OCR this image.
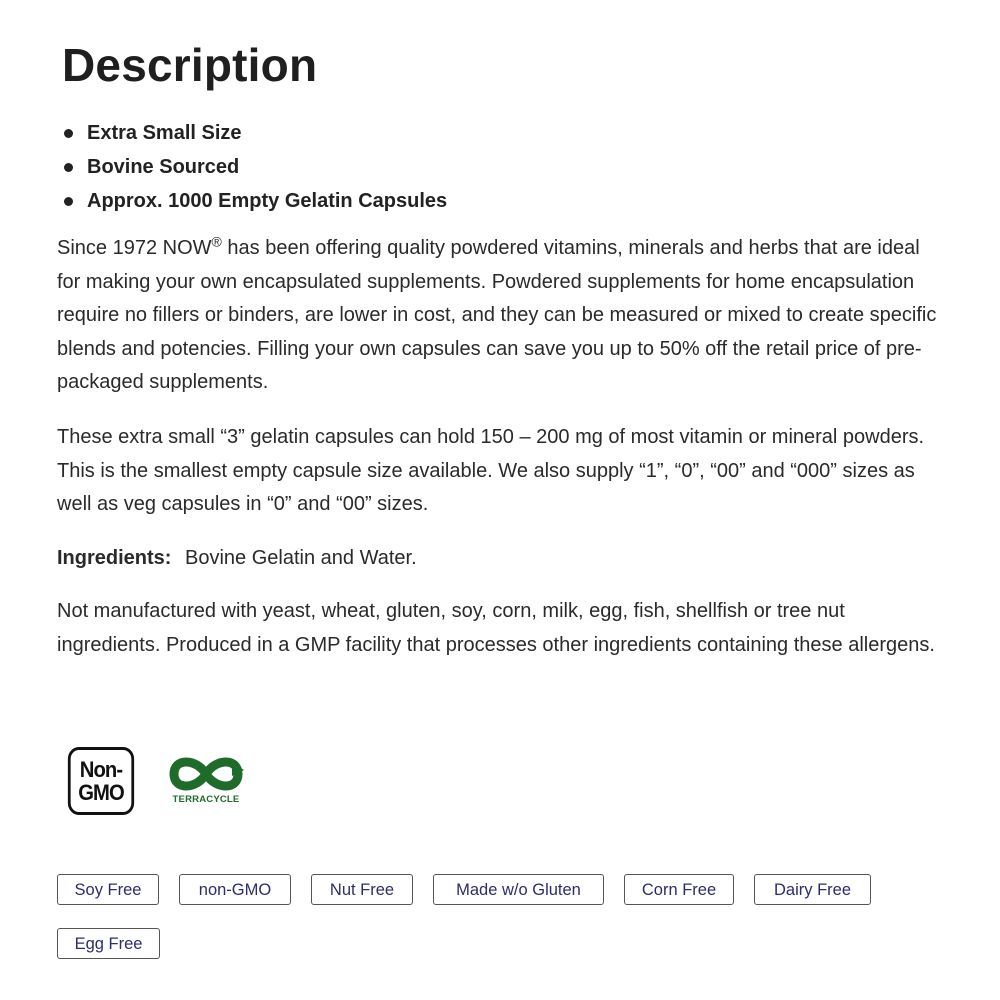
Description
Extra Small Size
Bovine Sourced
Approx. 1000 Empty Gelatin Capsules

Since 1972 NOW® has been offering quality powdered vitamins, minerals and herbs that are ideal for making your own encapsulated supplements. Powdered supplements for home encapsulation require no fillers or binders, are lower in cost, and they can be measured or mixed to create specific blends and potencies. Filling your own capsules can save you up to 50% off the retail price of pre-packaged supplements.

These extra small “3” gelatin capsules can hold 150 – 200 mg of most vitamin or mineral powders. This is the smallest empty capsule size available. We also supply “1”, “0”, “00” and “000” sizes as well as veg capsules in “0” and “00” sizes.

Ingredients: Bovine Gelatin and Water.

Not manufactured with yeast, wheat, gluten, soy, corn, milk, egg, fish, shellfish or tree nut ingredients. Produced in a GMP facility that processes other ingredients containing these allergens.

Non-
GMO	TERRACYCLE
Soy Free	non-GMO	Nut Free	Made w/o Gluten	Corn Free	Dairy Free
Egg Free
